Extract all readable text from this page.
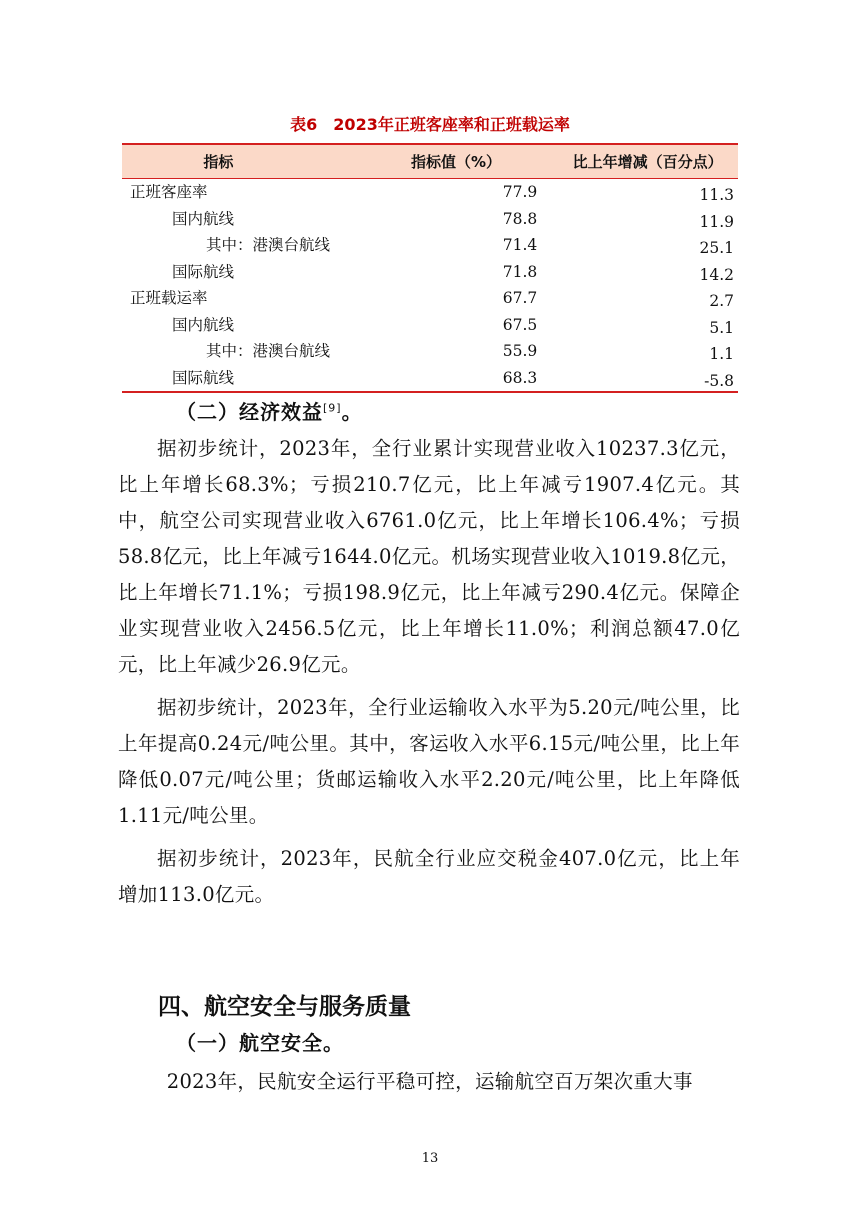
表6 2023年正班客座率和正班载运率
指标	指标值（%）	比上年增减（百分点）
正班客座率	77.9	11.3
国内航线	78.8	11.9
其中：港澳台航线	71.4	25.1
国际航线	71.8	14.2
正班载运率	67.7	2.7
国内航线	67.5	5.1
其中：港澳台航线	55.9	1.1
国际航线	68.3	-5.8
（二）经济效益[9]。

据初步统计，2023年，全行业累计实现营业收入10237.3亿元，比上年增长68.3%；亏损210.7亿元，比上年减亏1907.4亿元。其中，航空公司实现营业收入6761.0亿元，比上年增长106.4%；亏损58.8亿元，比上年减亏1644.0亿元。机场实现营业收入1019.8亿元，比上年增长71.1%；亏损198.9亿元，比上年减亏290.4亿元。保障企业实现营业收入2456.5亿元，比上年增长11.0%；利润总额47.0亿元，比上年减少26.9亿元。

据初步统计，2023年，全行业运输收入水平为5.20元/吨公里，比上年提高0.24元/吨公里。其中，客运收入水平6.15元/吨公里，比上年降低0.07元/吨公里；货邮运输收入水平2.20元/吨公里，比上年降低1.11元/吨公里。

据初步统计，2023年，民航全行业应交税金407.0亿元，比上年增加113.0亿元。

四、航空安全与服务质量
（一）航空安全。

2023年，民航安全运行平稳可控，运输航空百万架次重大事

13
